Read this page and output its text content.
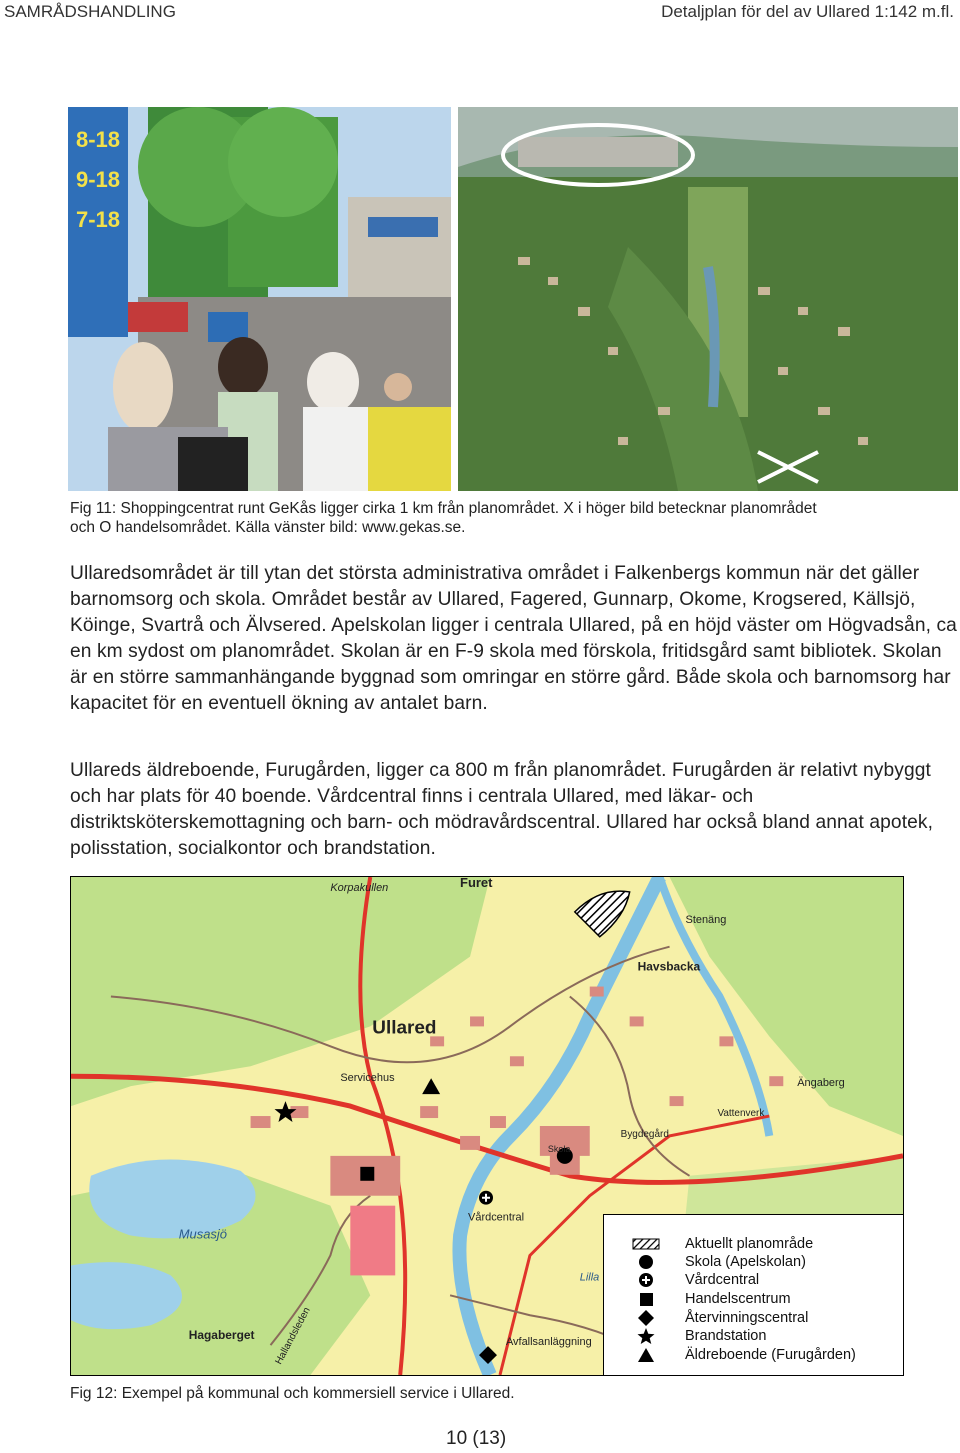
SAMRÅDSHANDLING	Detaljplan för del av Ullared 1:142 m.fl.
8-18
9-18
7-18
Fig 11: Shoppingcentrat runt GeKås ligger cirka 1 km från planområdet. X i höger bild betecknar planområdet
och O handelsområdet. Källa vänster bild: www.gekas.se.

Ullaredsområdet är till ytan det största administrativa området i Falkenbergs kommun när det gäller barnomsorg och skola. Området består av Ullared, Fagered, Gunnarp, Okome, Krogsered, Källsjö, Köinge, Svartrå och Älvsered. Apelskolan ligger i centrala Ullared, på en höjd väster om Högvadsån, ca en km sydost om planområdet. Skolan är en F-9 skola med förskola, fritidsgård samt bibliotek. Skolan är en större sammanhängande byggnad som omringar en större gård. Både skola och barnomsorg har kapacitet för en eventuell ökning av antalet barn.

Ullareds äldreboende, Furugården, ligger ca 800 m från planområdet. Furugården är relativt nybyggt och har plats för 40 boende. Vårdcentral finns i centrala Ullared, med läkar- och distriktsköterskemottagning och barn- och mödravårdscentral. Ullared har också bland annat apotek, polisstation, socialkontor och brandstation.

Korpakullen	Furet
Stenäng
Havsbacka
Ullared
Servicehus	Ängaberg
Vattenverk
Bygdegård
Skola
Vårdcentral
Musasjö
Hagaberget Hallandsleden	Avfallsanläggning
Lilla
Aktuellt planområde
Skola (Apelskolan)
Vårdcentral
Handelscentrum
Återvinningscentral
Brandstation
Äldreboende (Furugården)
Fig 12: Exempel på kommunal och kommersiell service i Ullared.
10 (13)
